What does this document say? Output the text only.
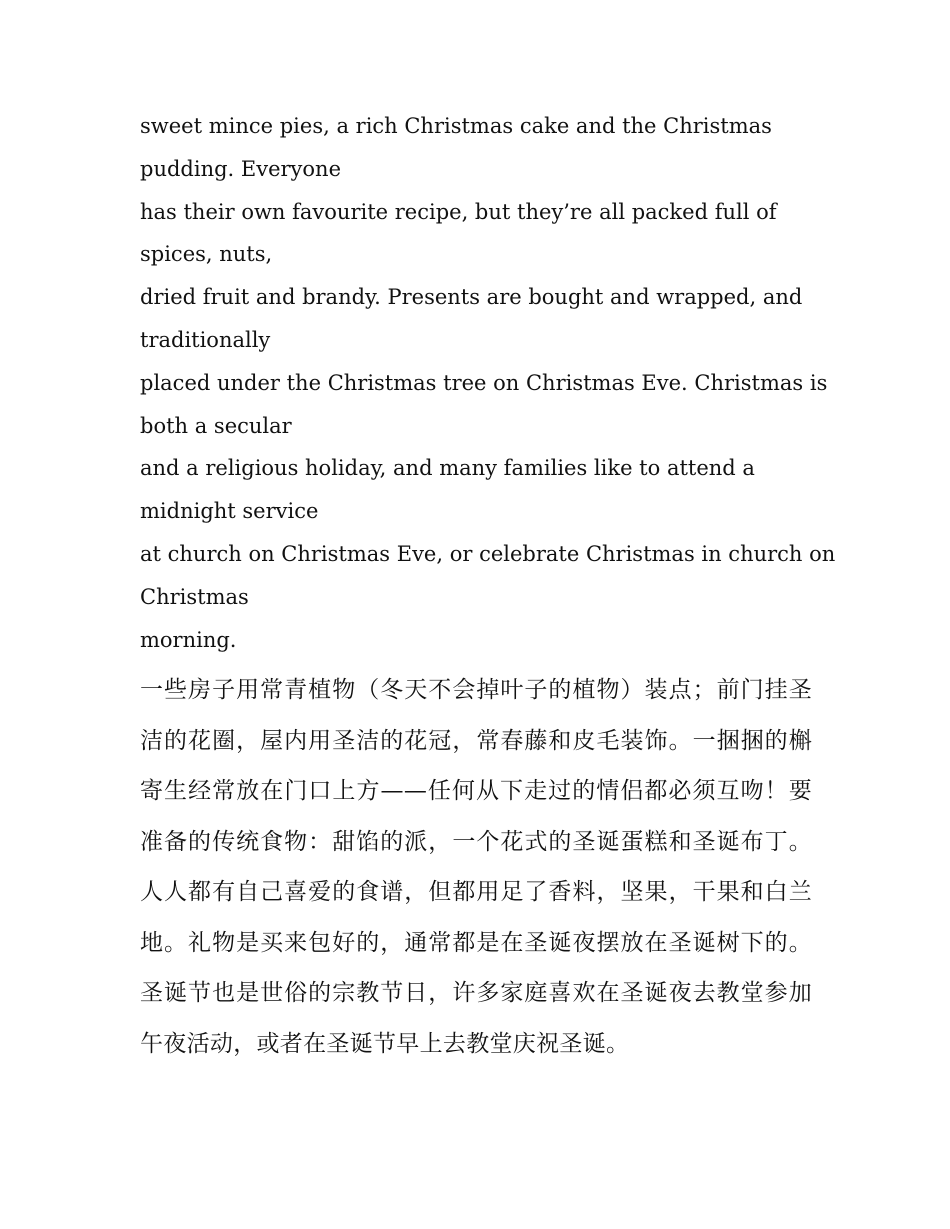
sweet mince pies, a rich Christmas cake and the Christmas

pudding. Everyone

has their own favourite recipe, but they’re all packed full of

spices, nuts,

dried fruit and brandy. Presents are bought and wrapped, and

traditionally

placed under the Christmas tree on Christmas Eve. Christmas is

both a secular

and a religious holiday, and many families like to attend a

midnight service

at church on Christmas Eve, or celebrate Christmas in church on

Christmas

morning.

一些房子用常青植物（冬天不会掉叶子的植物）装点；前门挂圣洁的花圈，屋内用圣洁的花冠，常春藤和皮毛装饰。一捆捆的槲寄生经常放在门口上方——任何从下走过的情侣都必须互吻！要准备的传统食物：甜馅的派，一个花式的圣诞蛋糕和圣诞布丁。人人都有自己喜爱的食谱，但都用足了香料，坚果，干果和白兰地。礼物是买来包好的，通常都是在圣诞夜摆放在圣诞树下的。圣诞节也是世俗的宗教节日，许多家庭喜欢在圣诞夜去教堂参加午夜活动，或者在圣诞节早上去教堂庆祝圣诞。
